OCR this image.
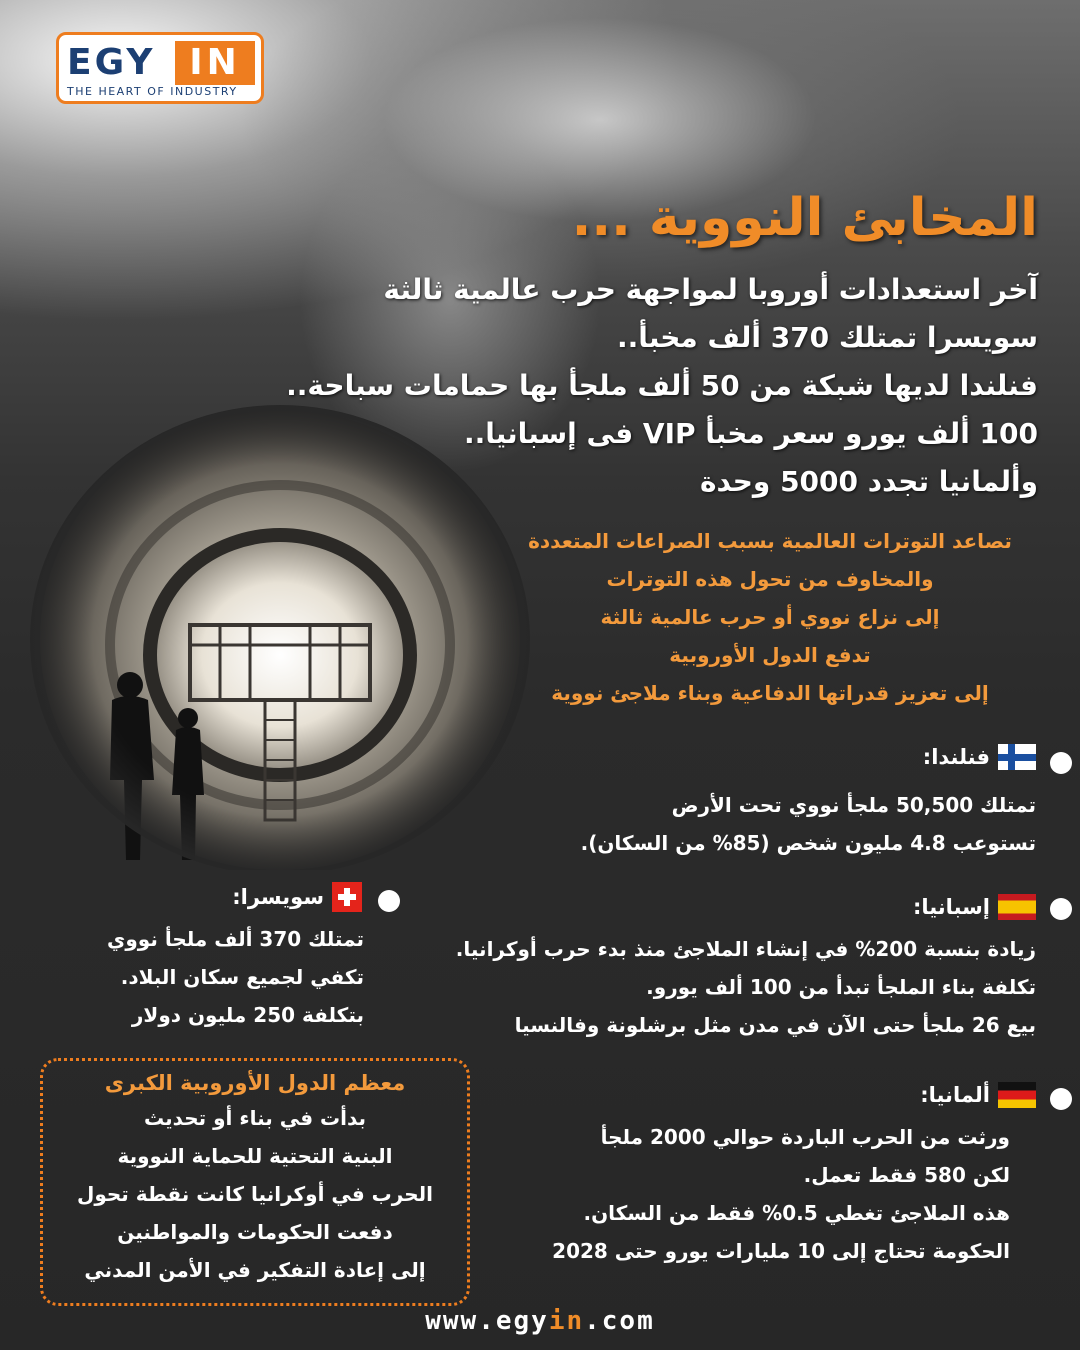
EGY IN
THE HEART OF INDUSTRY
المخابئ النووية ...
آخر استعدادات أوروبا لمواجهة حرب عالمية ثالثة
سويسرا تمتلك 370 ألف مخبأ..
فنلندا لديها شبكة من 50 ألف ملجأ بها حمامات سباحة..
100 ألف يورو سعر مخبأ VIP فى إسبانيا..
وألمانيا تجدد 5000 وحدة
تصاعد التوترات العالمية بسبب الصراعات المتعددة
والمخاوف من تحول هذه التوترات
إلى نزاع نووي أو حرب عالمية ثالثة
تدفع الدول الأوروبية
إلى تعزيز قدراتها الدفاعية وبناء ملاجئ نووية
فنلندا:
تمتلك 50,500 ملجأ نووي تحت الأرض
تستوعب 4.8 مليون شخص (85% من السكان).
سويسرا:
تمتلك 370 ألف ملجأ نووي
تكفي لجميع سكان البلاد.
بتكلفة 250 مليون دولار
إسبانيا:
زيادة بنسبة 200% في إنشاء الملاجئ منذ بدء حرب أوكرانيا.
تكلفة بناء الملجأ تبدأ من 100 ألف يورو.
بيع 26 ملجأ حتى الآن في مدن مثل برشلونة وفالنسيا
ألمانيا:
ورثت من الحرب الباردة حوالي 2000 ملجأ
لكن 580 فقط تعمل.
هذه الملاجئ تغطي 0.5% فقط من السكان.
الحكومة تحتاج إلى 10 مليارات يورو حتى 2028
معظم الدول الأوروبية الكبرى
بدأت في بناء أو تحديث
البنية التحتية للحماية النووية
الحرب في أوكرانيا كانت نقطة تحول
دفعت الحكومات والمواطنين
إلى إعادة التفكير في الأمن المدني
www.egyin.com
